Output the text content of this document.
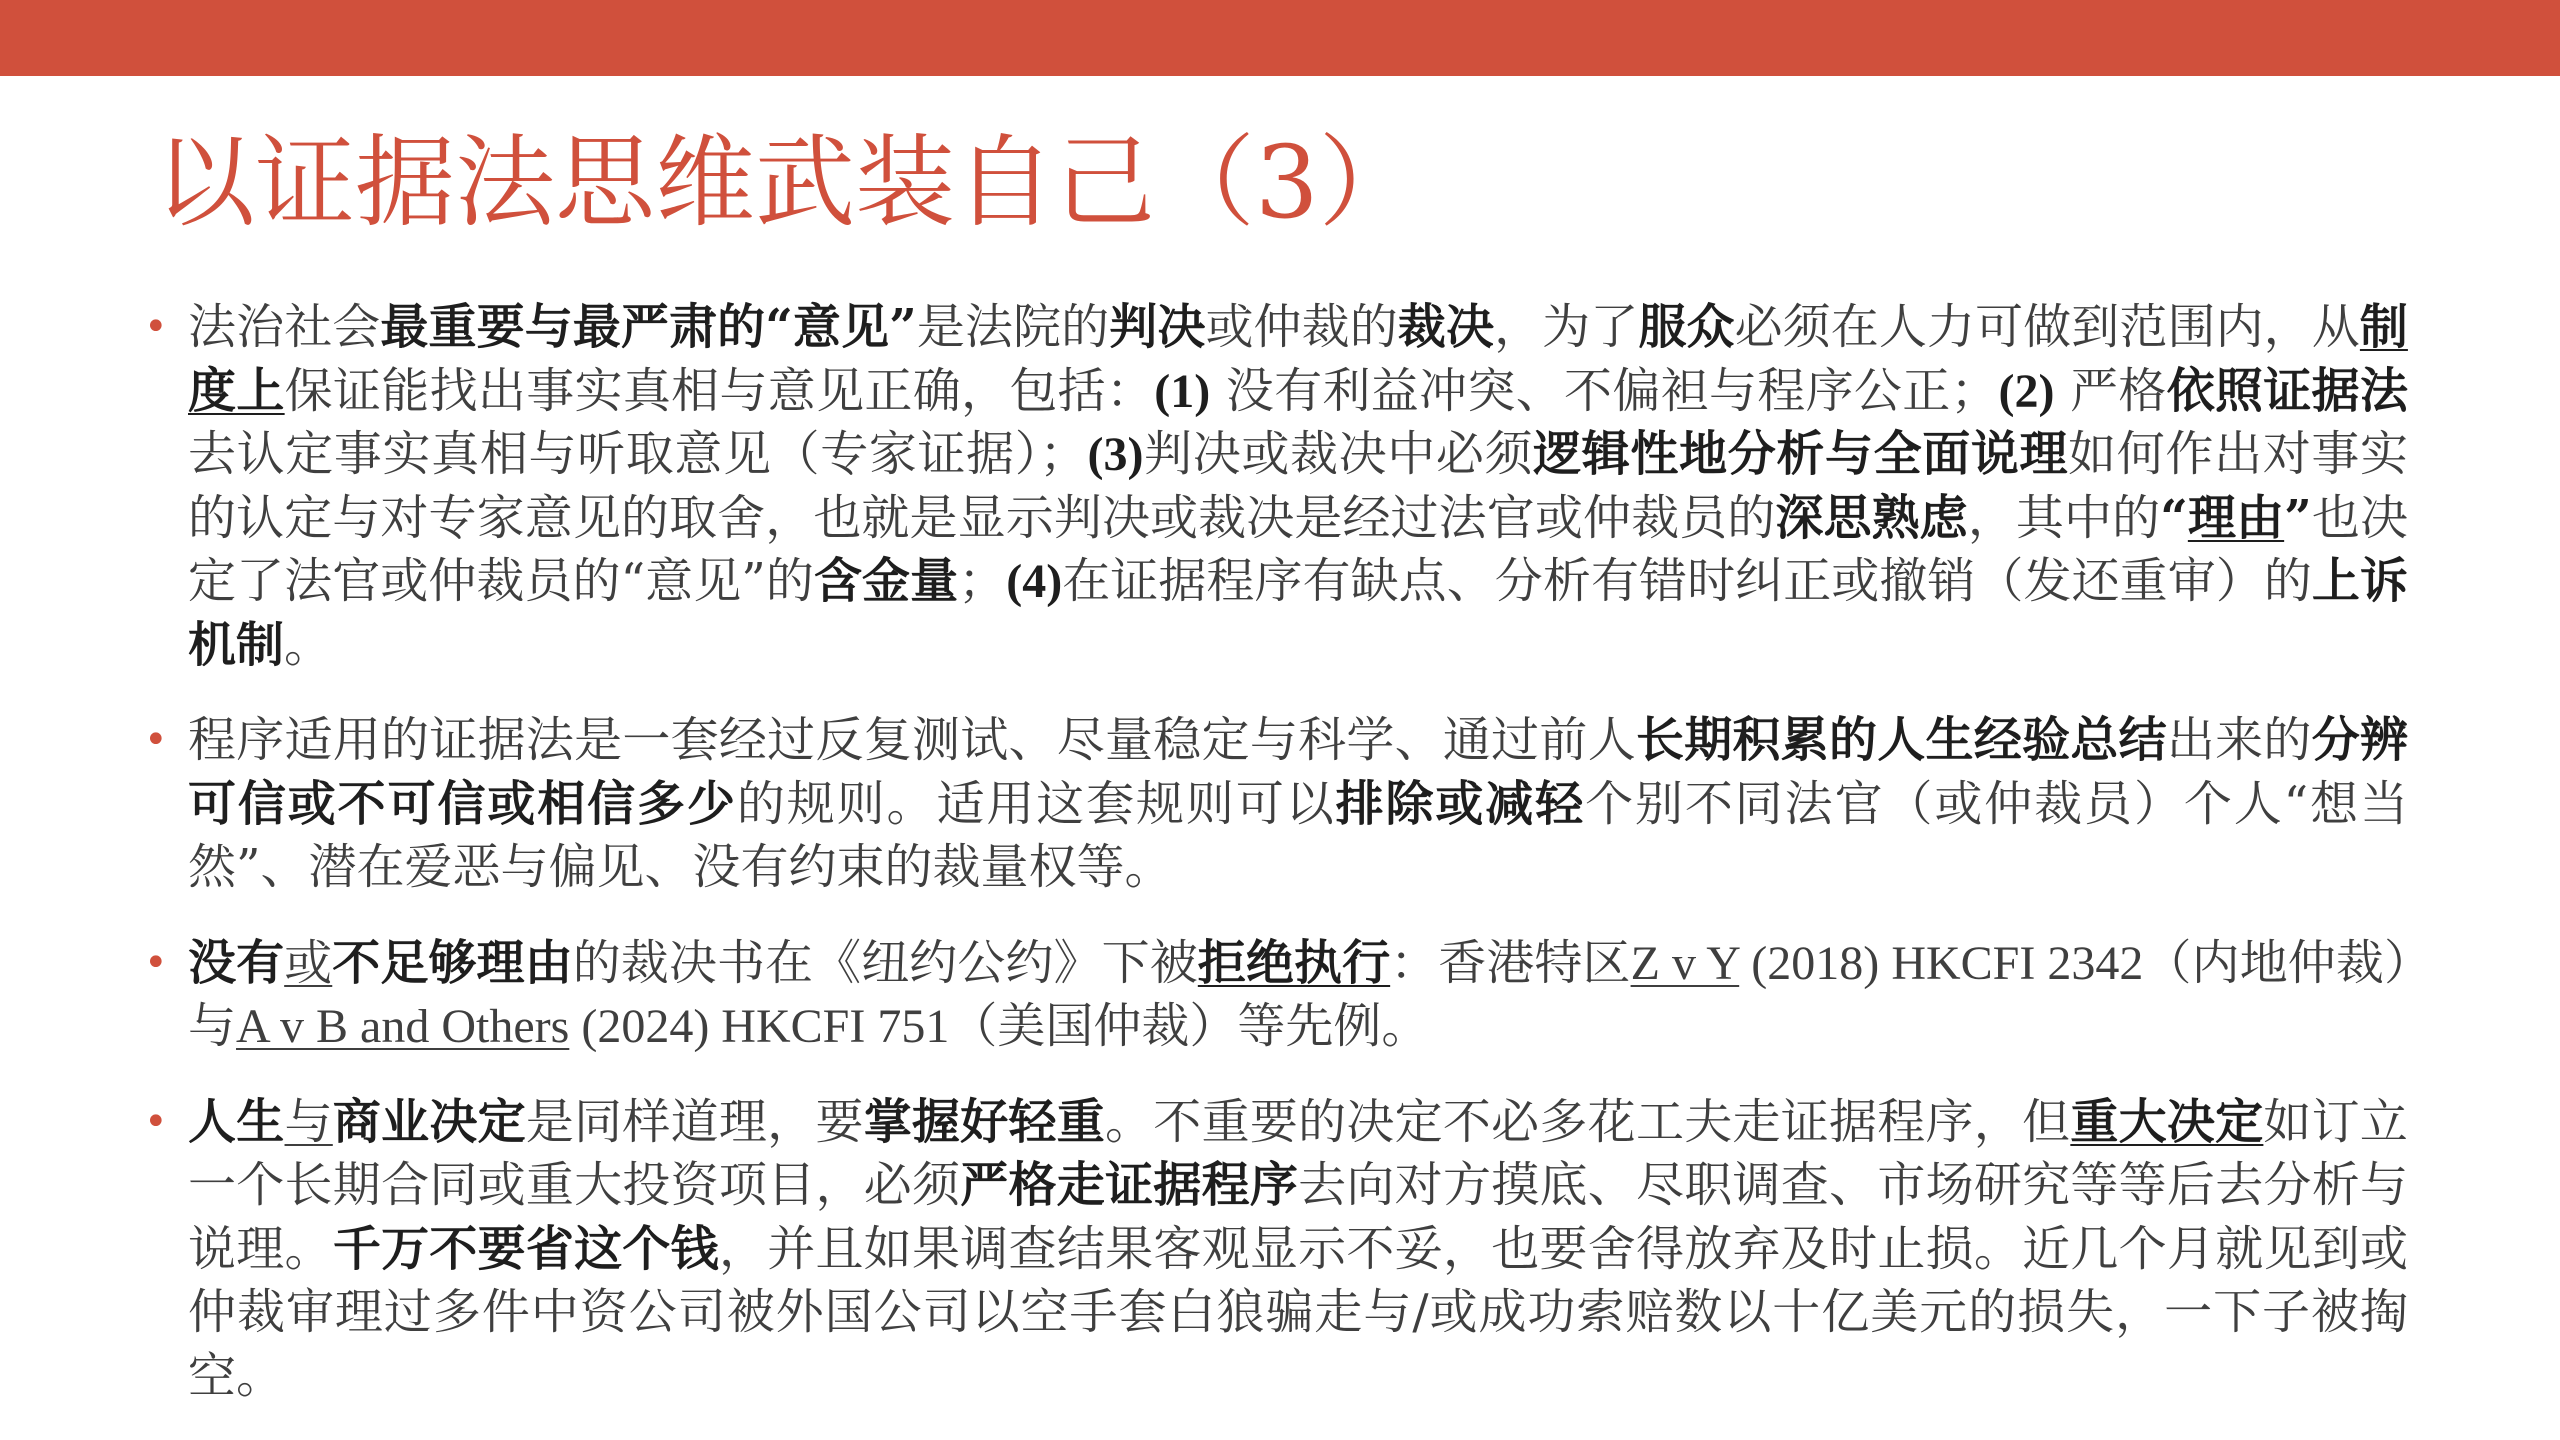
以证据法思维武装自己（3）
• 法治社会最重要与最严肃的“意见”是法院的判决或仲裁的裁决，为了服众必须在人力可做到范围内，从制度上保证能找出事实真相与意见正确，包括：(1) 没有利益冲突、不偏袒与程序公正；(2) 严格依照证据法去认定事实真相与听取意见（专家证据）；(3)判决或裁决中必须逻辑性地分析与全面说理如何作出对事实的认定与对专家意见的取舍，也就是显示判决或裁决是经过法官或仲裁员的深思熟虑，其中的“理由”也决定了法官或仲裁员的“意见”的含金量；(4)在证据程序有缺点、分析有错时纠正或撤销（发还重审）的上诉机制。
• 程序适用的证据法是一套经过反复测试、尽量稳定与科学、通过前人长期积累的人生经验总结出来的分辨可信或不可信或相信多少的规则。适用这套规则可以排除或减轻个别不同法官（或仲裁员）个人“想当然”、潜在爱恶与偏见、没有约束的裁量权等。
• 没有或不足够理由的裁决书在《纽约公约》下被拒绝执行：香港特区Z v Y (2018) HKCFI 2342（内地仲裁）与A v B and Others (2024) HKCFI 751（美国仲裁）等先例。
• 人生与商业决定是同样道理，要掌握好轻重。不重要的决定不必多花工夫走证据程序，但重大决定如订立一个长期合同或重大投资项目，必须严格走证据程序去向对方摸底、尽职调查、市场研究等等后去分析与说理。千万不要省这个钱，并且如果调查结果客观显示不妥，也要舍得放弃及时止损。近几个月就见到或仲裁审理过多件中资公司被外国公司以空手套白狼骗走与/或成功索赔数以十亿美元的损失，一下子被掏空。
